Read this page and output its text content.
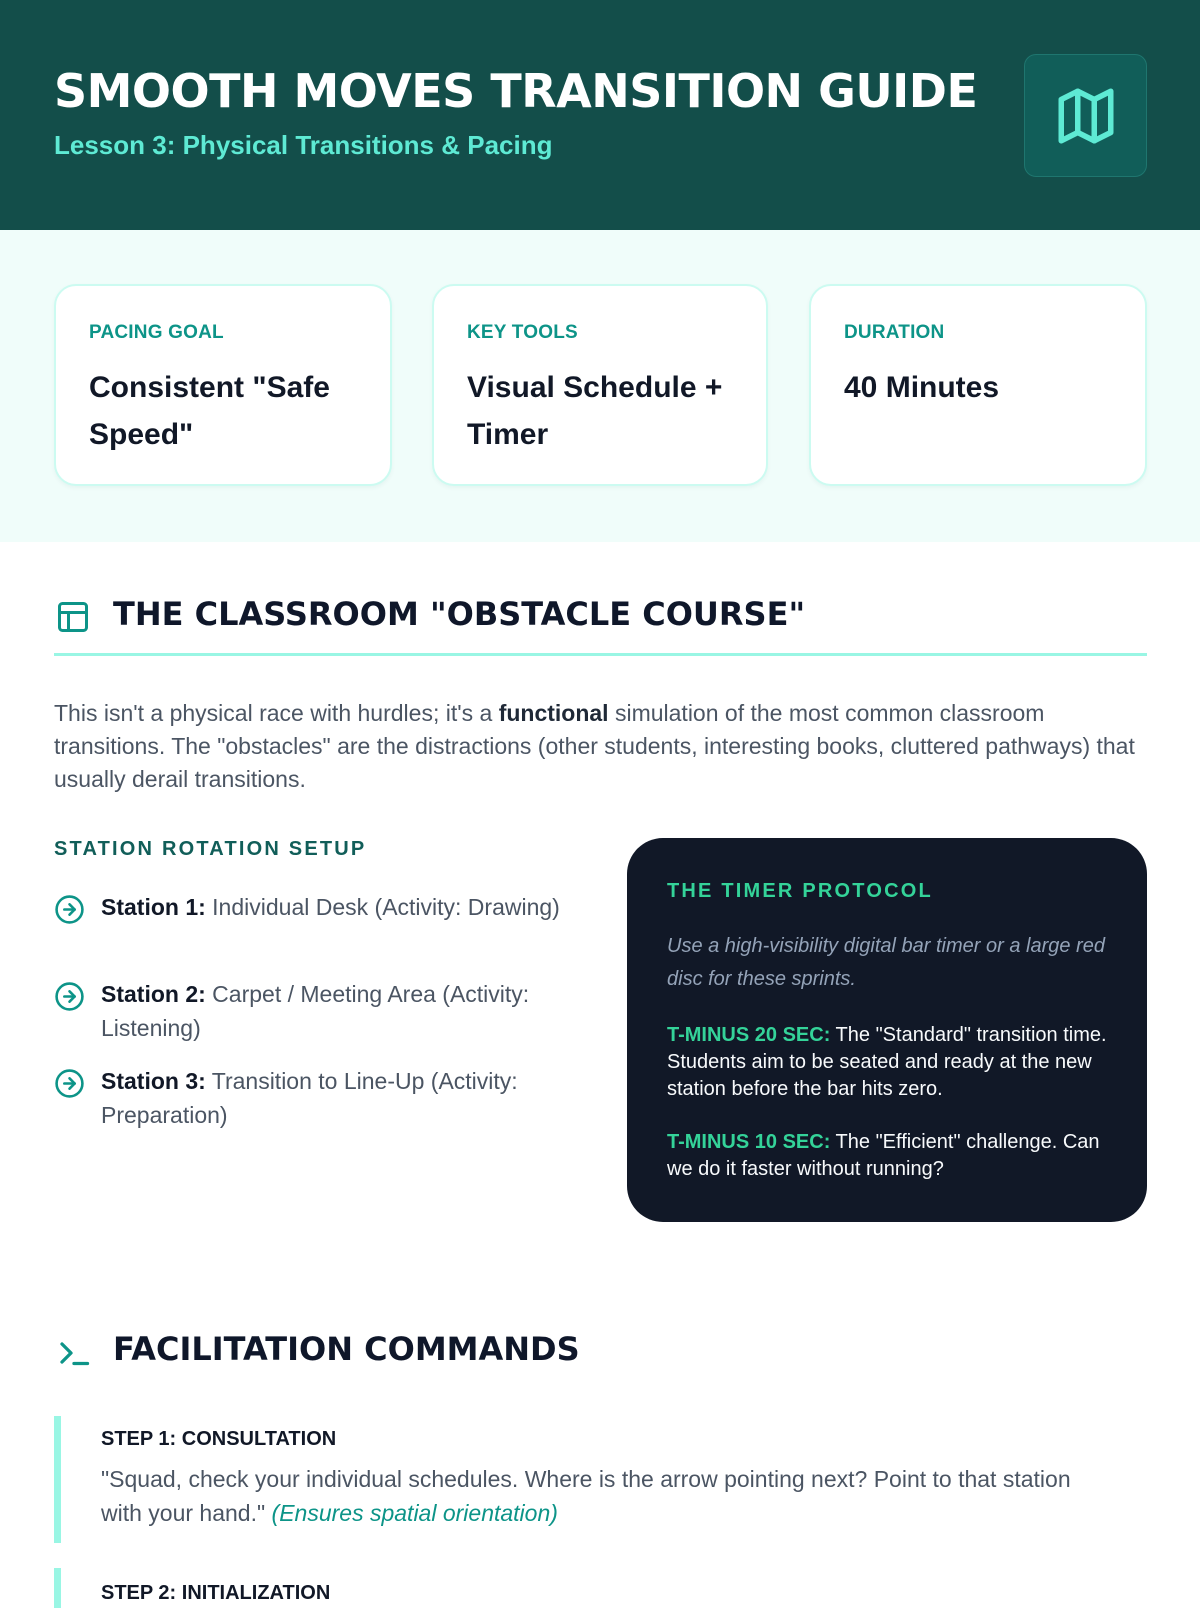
SMOOTH MOVES TRANSITION GUIDE
Lesson 3: Physical Transitions & Pacing
PACING GOAL
Consistent "Safe Speed"
KEY TOOLS
Visual Schedule + Timer
DURATION
40 Minutes
THE CLASSROOM "OBSTACLE COURSE"

This isn't a physical race with hurdles; it's a functional simulation of the most common classroom transitions. The "obstacles" are the distractions (other students, interesting books, cluttered pathways) that usually derail transitions.

STATION ROTATION SETUP
Station 1: Individual Desk (Activity: Drawing)
Station 2: Carpet / Meeting Area (Activity: Listening)
Station 3: Transition to Line-Up (Activity: Preparation)
THE TIMER PROTOCOL
Use a high-visibility digital bar timer or a large red disc for these sprints.
T-MINUS 20 SEC: The "Standard" transition time. Students aim to be seated and ready at the new station before the bar hits zero.
T-MINUS 10 SEC: The "Efficient" challenge. Can we do it faster without running?
FACILITATION COMMANDS
STEP 1: CONSULTATION
"Squad, check your individual schedules. Where is the arrow pointing next? Point to that station with your hand." (Ensures spatial orientation)
STEP 2: INITIALIZATION
